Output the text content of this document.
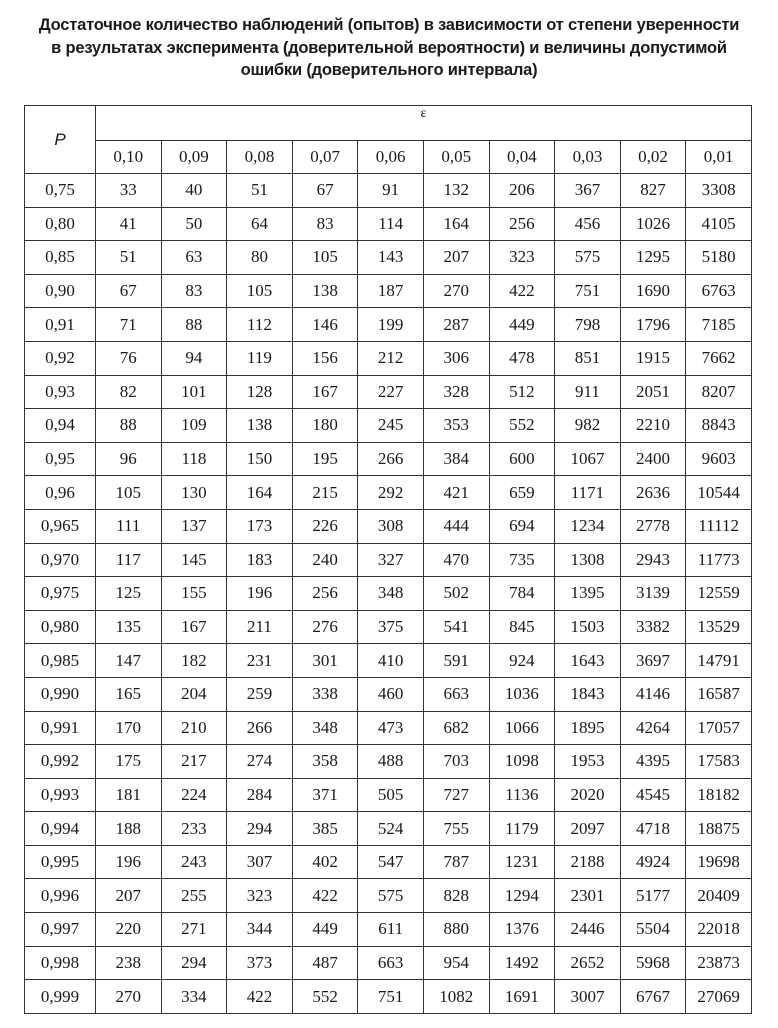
Достаточное количество наблюдений (опытов) в зависимости от степени уверенности
в результатах эксперимента (доверительной вероятности) и величины допустимой
ошибки (доверительного интервала)
P	ε									
	0,10	0,09	0,08	0,07	0,06	0,05	0,04	0,03	0,02	0,01
0,75	33	40	51	67	91	132	206	367	827	3308
0,80	41	50	64	83	114	164	256	456	1026	4105
0,85	51	63	80	105	143	207	323	575	1295	5180
0,90	67	83	105	138	187	270	422	751	1690	6763
0,91	71	88	112	146	199	287	449	798	1796	7185
0,92	76	94	119	156	212	306	478	851	1915	7662
0,93	82	101	128	167	227	328	512	911	2051	8207
0,94	88	109	138	180	245	353	552	982	2210	8843
0,95	96	118	150	195	266	384	600	1067	2400	9603
0,96	105	130	164	215	292	421	659	1171	2636	10544
0,965	111	137	173	226	308	444	694	1234	2778	11112
0,970	117	145	183	240	327	470	735	1308	2943	11773
0,975	125	155	196	256	348	502	784	1395	3139	12559
0,980	135	167	211	276	375	541	845	1503	3382	13529
0,985	147	182	231	301	410	591	924	1643	3697	14791
0,990	165	204	259	338	460	663	1036	1843	4146	16587
0,991	170	210	266	348	473	682	1066	1895	4264	17057
0,992	175	217	274	358	488	703	1098	1953	4395	17583
0,993	181	224	284	371	505	727	1136	2020	4545	18182
0,994	188	233	294	385	524	755	1179	2097	4718	18875
0,995	196	243	307	402	547	787	1231	2188	4924	19698
0,996	207	255	323	422	575	828	1294	2301	5177	20409
0,997	220	271	344	449	611	880	1376	2446	5504	22018
0,998	238	294	373	487	663	954	1492	2652	5968	23873
0,999	270	334	422	552	751	1082	1691	3007	6767	27069
